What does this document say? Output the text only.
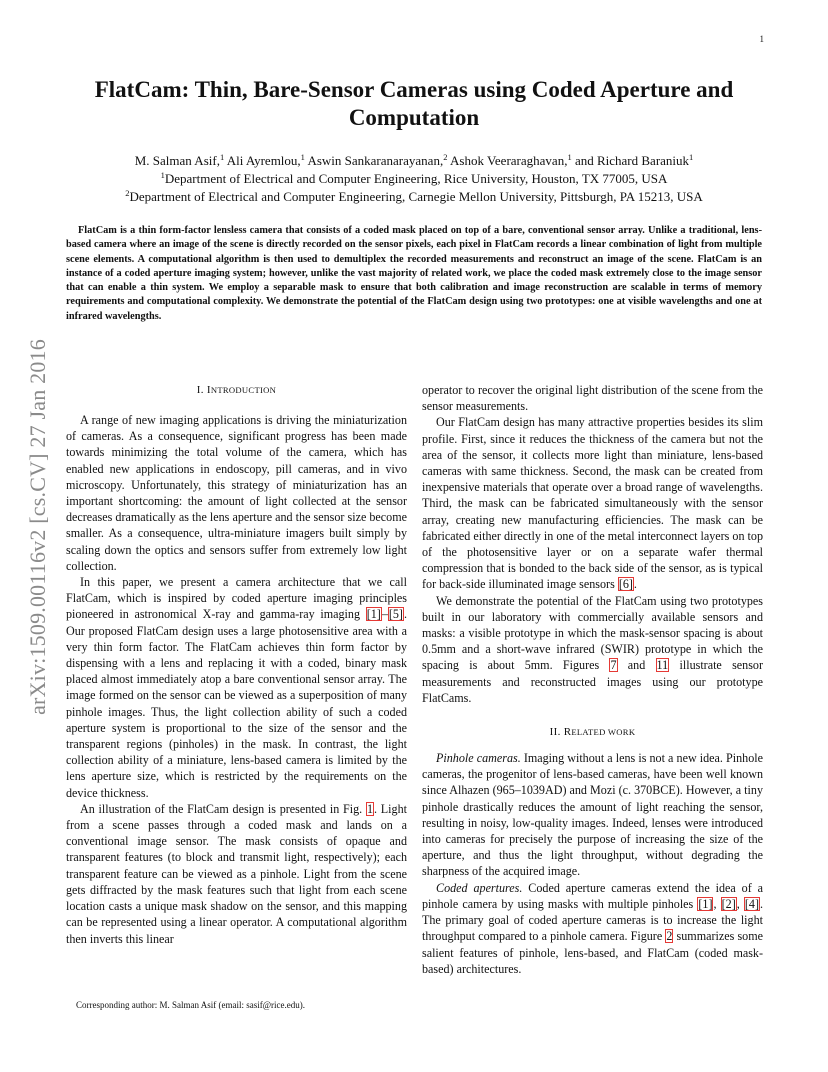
1
arXiv:1509.00116v2 [cs.CV] 27 Jan 2016
FlatCam: Thin, Bare-Sensor Cameras using Coded Aperture and
Computation
M. Salman Asif,$^1$ Ali Ayremlou,$^1$ Aswin Sankaranarayanan,$^2$ Ashok Veeraraghavan,$^1$ and Richard Baraniuk$^1$
$^1$Department of Electrical and Computer Engineering, Rice University, Houston, TX 77005, USA
$^2$Department of Electrical and Computer Engineering, Carnegie Mellon University, Pittsburgh, PA 15213, USA

FlatCam is a thin form-factor lensless camera that consists of a coded mask placed on top of a bare, conventional sensor array. Unlike a traditional, lens-based camera where an image of the scene is directly recorded on the sensor pixels, each pixel in FlatCam records a linear combination of light from multiple scene elements. A computational algorithm is then used to demultiplex the recorded measurements and reconstruct an image of the scene. FlatCam is an instance of a coded aperture imaging system; however, unlike the vast majority of related work, we place the coded mask extremely close to the image sensor that can enable a thin system. We employ a separable mask to ensure that both calibration and image reconstruction are scalable in terms of memory requirements and computational complexity. We demonstrate the potential of the FlatCam design using two prototypes: one at visible wavelengths and one at infrared wavelengths.

I. INTRODUCTION

A range of new imaging applications is driving the miniaturization of cameras. As a consequence, significant progress has been made towards minimizing the total volume of the camera, which has enabled new applications in endoscopy, pill cameras, and in vivo microscopy. Unfortunately, this strategy of miniaturization has an important shortcoming: the amount of light collected at the sensor decreases dramatically as the lens aperture and the sensor size become smaller. As a consequence, ultra-miniature imagers built simply by scaling down the optics and sensors suffer from extremely low light collection.

In this paper, we present a camera architecture that we call FlatCam, which is inspired by coded aperture imaging principles pioneered in astronomical X-ray and gamma-ray imaging [1]–[5]. Our proposed FlatCam design uses a large photosensitive area with a very thin form factor. The FlatCam achieves thin form factor by dispensing with a lens and replacing it with a coded, binary mask placed almost immediately atop a bare conventional sensor array. The image formed on the sensor can be viewed as a superposition of many pinhole images. Thus, the light collection ability of such a coded aperture system is proportional to the size of the sensor and the transparent regions (pinholes) in the mask. In contrast, the light collection ability of a miniature, lens-based camera is limited by the lens aperture size, which is restricted by the requirements on the device thickness.

An illustration of the FlatCam design is presented in Fig. 1. Light from a scene passes through a coded mask and lands on a conventional image sensor. The mask consists of opaque and transparent features (to block and transmit light, respectively); each transparent feature can be viewed as a pinhole. Light from the scene gets diffracted by the mask features such that light from each scene location casts a unique mask shadow on the sensor, and this mapping can be represented using a linear operator. A computational algorithm then inverts this linear

operator to recover the original light distribution of the scene from the sensor measurements.

Our FlatCam design has many attractive properties besides its slim profile. First, since it reduces the thickness of the camera but not the area of the sensor, it collects more light than miniature, lens-based cameras with same thickness. Second, the mask can be created from inexpensive materials that operate over a broad range of wavelengths. Third, the mask can be fabricated simultaneously with the sensor array, creating new manufacturing efficiencies. The mask can be fabricated either directly in one of the metal interconnect layers on top of the photosensitive layer or on a separate wafer thermal compression that is bonded to the back side of the sensor, as is typical for back-side illuminated image sensors [6].

We demonstrate the potential of the FlatCam using two prototypes built in our laboratory with commercially available sensors and masks: a visible prototype in which the mask-sensor spacing is about 0.5mm and a short-wave infrared (SWIR) prototype in which the spacing is about 5mm. Figures 7 and 11 illustrate sensor measurements and reconstructed images using our prototype FlatCams.

II. RELATED WORK

Pinhole cameras. Imaging without a lens is not a new idea. Pinhole cameras, the progenitor of lens-based cameras, have been well known since Alhazen (965–1039AD) and Mozi (c. 370BCE). However, a tiny pinhole drastically reduces the amount of light reaching the sensor, resulting in noisy, low-quality images. Indeed, lenses were introduced into cameras for precisely the purpose of increasing the size of the aperture, and thus the light throughput, without degrading the sharpness of the acquired image.

Coded apertures. Coded aperture cameras extend the idea of a pinhole camera by using masks with multiple pinholes [1], [2], [4]. The primary goal of coded aperture cameras is to increase the light throughput compared to a pinhole camera. Figure 2 summarizes some salient features of pinhole, lens-based, and FlatCam (coded mask-based) architectures.

Corresponding author: M. Salman Asif (email: sasif@rice.edu).
